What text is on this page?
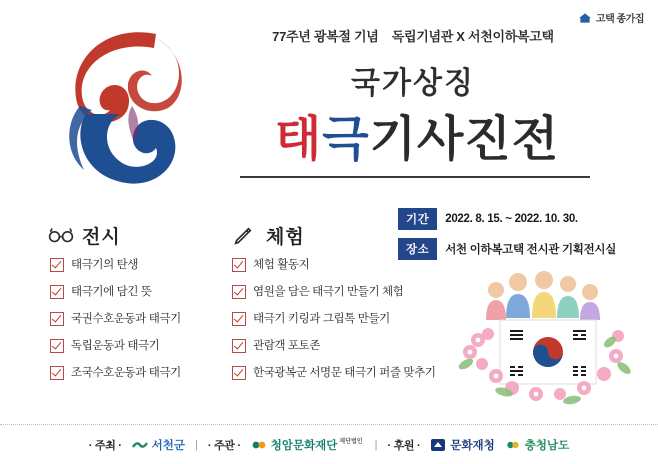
고택 종가집
77주년 광복절 기념    독립기념관 X 서천이하복고택
국가상징
태극기사진전
전시
태극기의 탄생
태극기에 담긴 뜻
국권수호운동과 태극기
독립운동과 태극기
조국수호운동과 태극기
체험
체험 활동지
염원을 담은 태극기 만들기 체험
태극기 키링과 그립톡 만들기
관람객 포토존
한국광복군 서명문 태극기 퍼즐 맞추기
기간	2022. 8. 15. ~ 2022. 10. 30.
장소	서천 이하복고택 전시관 기획전시실
· 주최 ·	서천군 | · 주관 ·	청암문화재단 재단법인 | · 후원 ·	문화재청	충청남도
